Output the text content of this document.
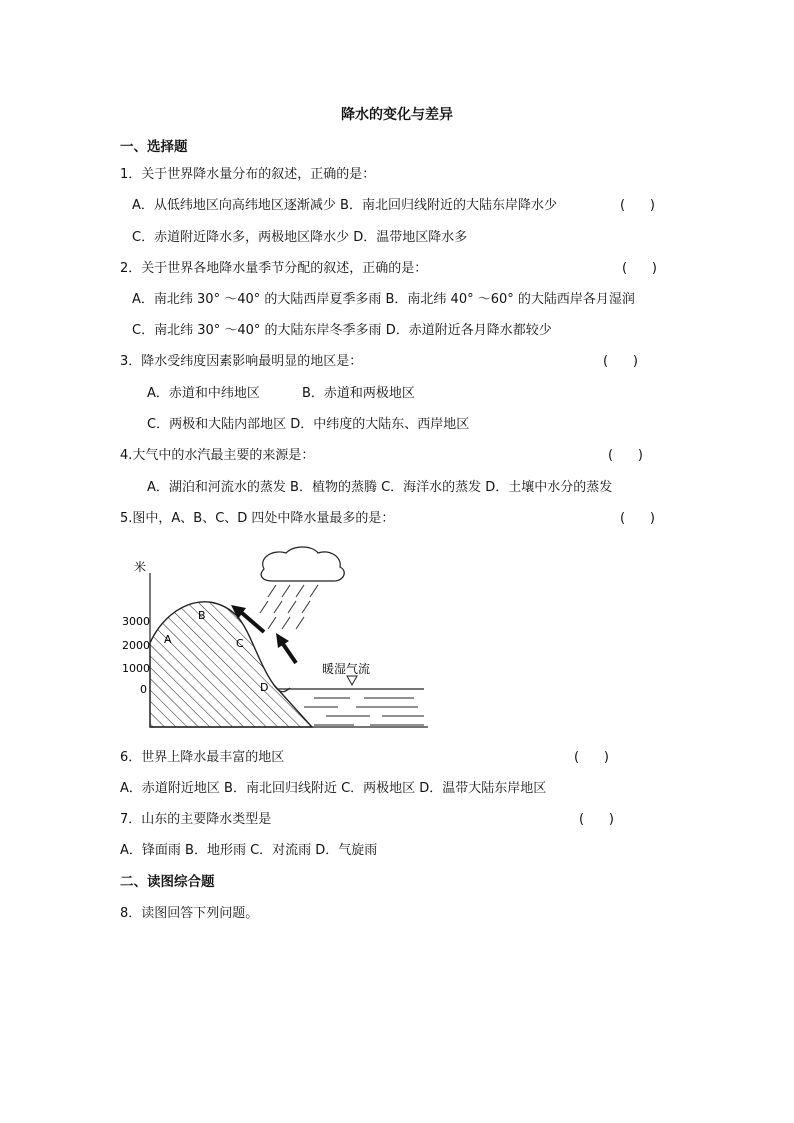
降水的变化与差异
一、选择题
1．关于世界降水量分布的叙述，正确的是：
A．从低纬地区向高纬地区逐渐减少 B．南北回归线附近的大陆东岸降水少	(      )
C．赤道附近降水多，两极地区降水少 D．温带地区降水多
2．关于世界各地降水量季节分配的叙述，正确的是：	(      )
A．南北纬 30° ～40° 的大陆西岸夏季多雨 B．南北纬 40° ～60° 的大陆西岸各月湿润
C．南北纬 30° ～40° 的大陆东岸冬季多雨 D．赤道附近各月降水都较少
3．降水受纬度因素影响最明显的地区是：	(      )
A．赤道和中纬地区	B．赤道和两极地区
C．两极和大陆内部地区 D．中纬度的大陆东、西岸地区
4.大气中的水汽最主要的来源是：	(      )
A．湖泊和河流水的蒸发 B．植物的蒸腾 C．海洋水的蒸发 D．土壤中水分的蒸发
5.图中，A、B、C、D 四处中降水量最多的是：	(      )
米
3000
2000
1000
0
暖湿气流
A
B
C
D
6．世界上降水最丰富的地区	(      )
A．赤道附近地区 B．南北回归线附近 C．两极地区 D．温带大陆东岸地区
7．山东的主要降水类型是	(      )
A．锋面雨 B．地形雨 C．对流雨 D．气旋雨
二、读图综合题
8．读图回答下列问题。
